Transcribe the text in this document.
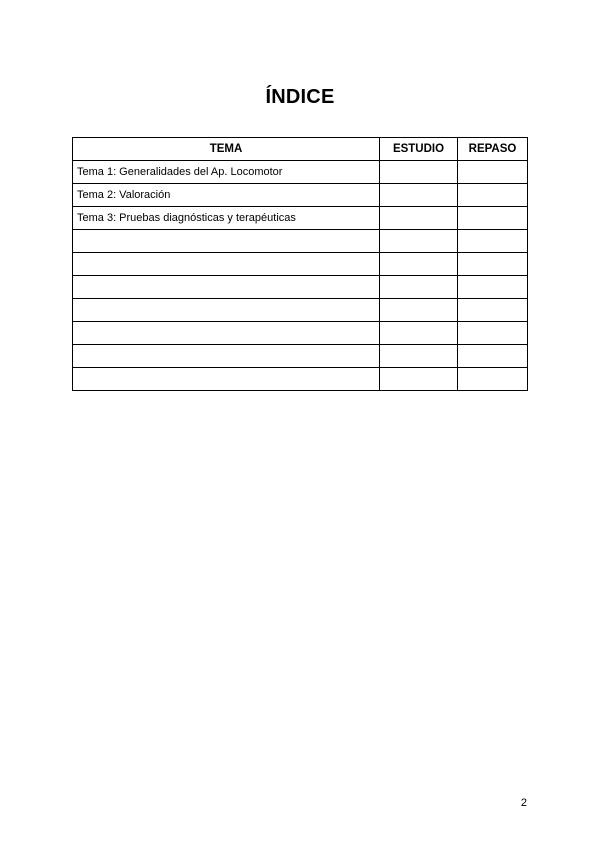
ÍNDICE
TEMA	ESTUDIO	REPASO
Tema 1: Generalidades del Ap. Locomotor		
Tema 2: Valoración		
Tema 3: Pruebas diagnósticas y terapéuticas		

2
